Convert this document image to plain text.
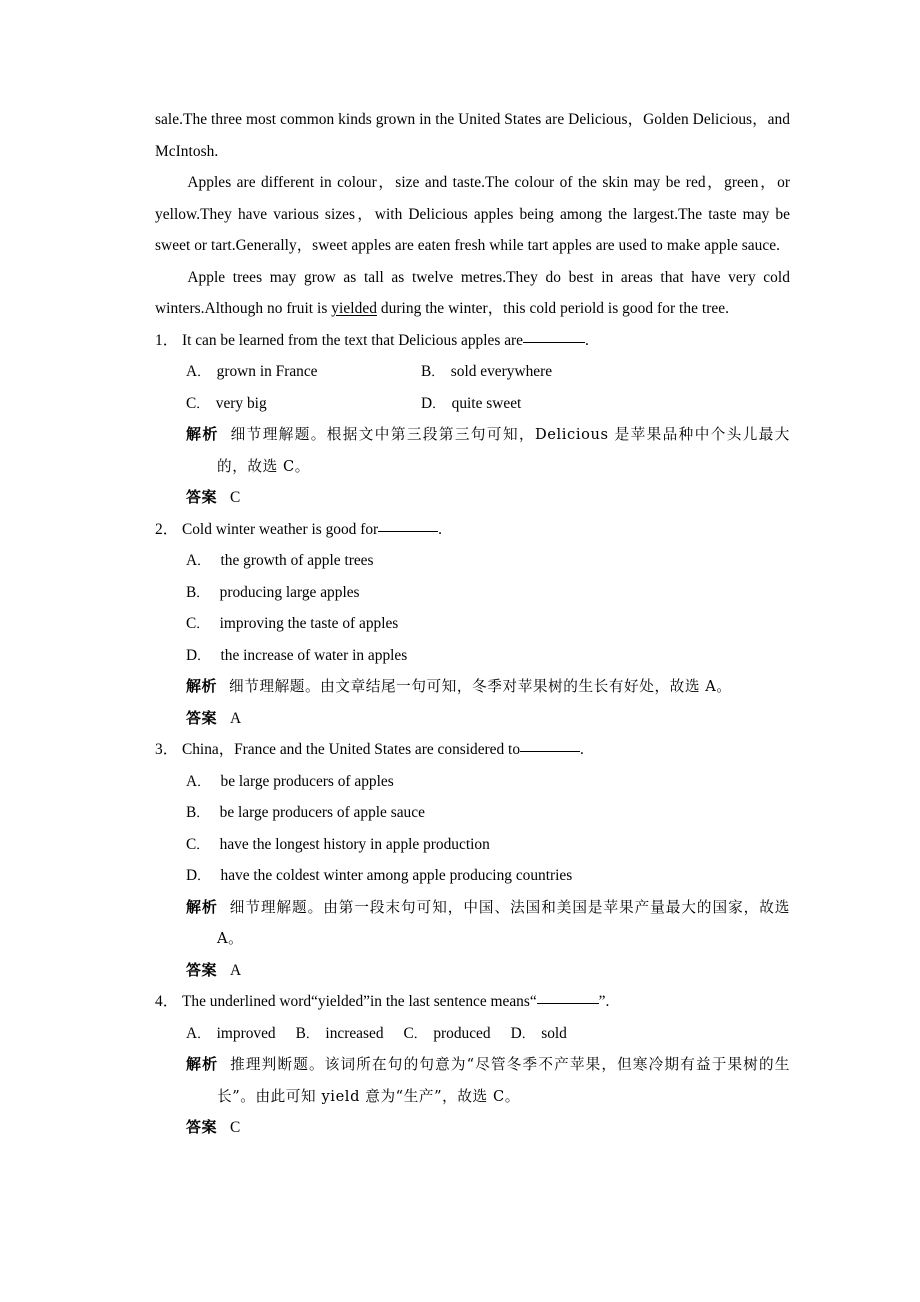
sale.The three most common kinds grown in the United States are Delicious，Golden Delicious，and McIntosh.

Apples are different in colour，size and taste.The colour of the skin may be red，green，or yellow.They have various sizes，with Delicious apples being among the largest.The taste may be sweet or tart.Generally，sweet apples are eaten fresh while tart apples are used to make apple sauce.

Apple trees may grow as tall as twelve metres.They do best in areas that have very cold winters.Although no fruit is yielded during the winter，this cold periold is good for the tree.

1． It can be learned from the text that Delicious apples are	.

A． grown in France	B． sold everywhere
C． very big	D． quite sweet

解析 细节理解题。根据文中第三段第三句可知，Delicious 是苹果品种中个头儿最大的，故选 C。

答案 C

2． Cold winter weather is good for	.

A． the growth of apple trees
B． producing large apples
C． improving the taste of apples
D． the increase of water in apples

解析 细节理解题。由文章结尾一句可知，冬季对苹果树的生长有好处，故选 A。

答案 A

3． China，France and the United States are considered to	.

A． be large producers of apples
B． be large producers of apple sauce
C． have the longest history in apple production
D． have the coldest winter among apple producing countries

解析 细节理解题。由第一段末句可知，中国、法国和美国是苹果产量最大的国家，故选 A。

答案 A

4． The underlined word“yielded”in the last sentence means“	”.

A． improved B． increased C． produced D． sold

解析 推理判断题。该词所在句的句意为“尽管冬季不产苹果，但寒冷期有益于果树的生长”。由此可知 yield 意为“生产”，故选 C。

答案 C
